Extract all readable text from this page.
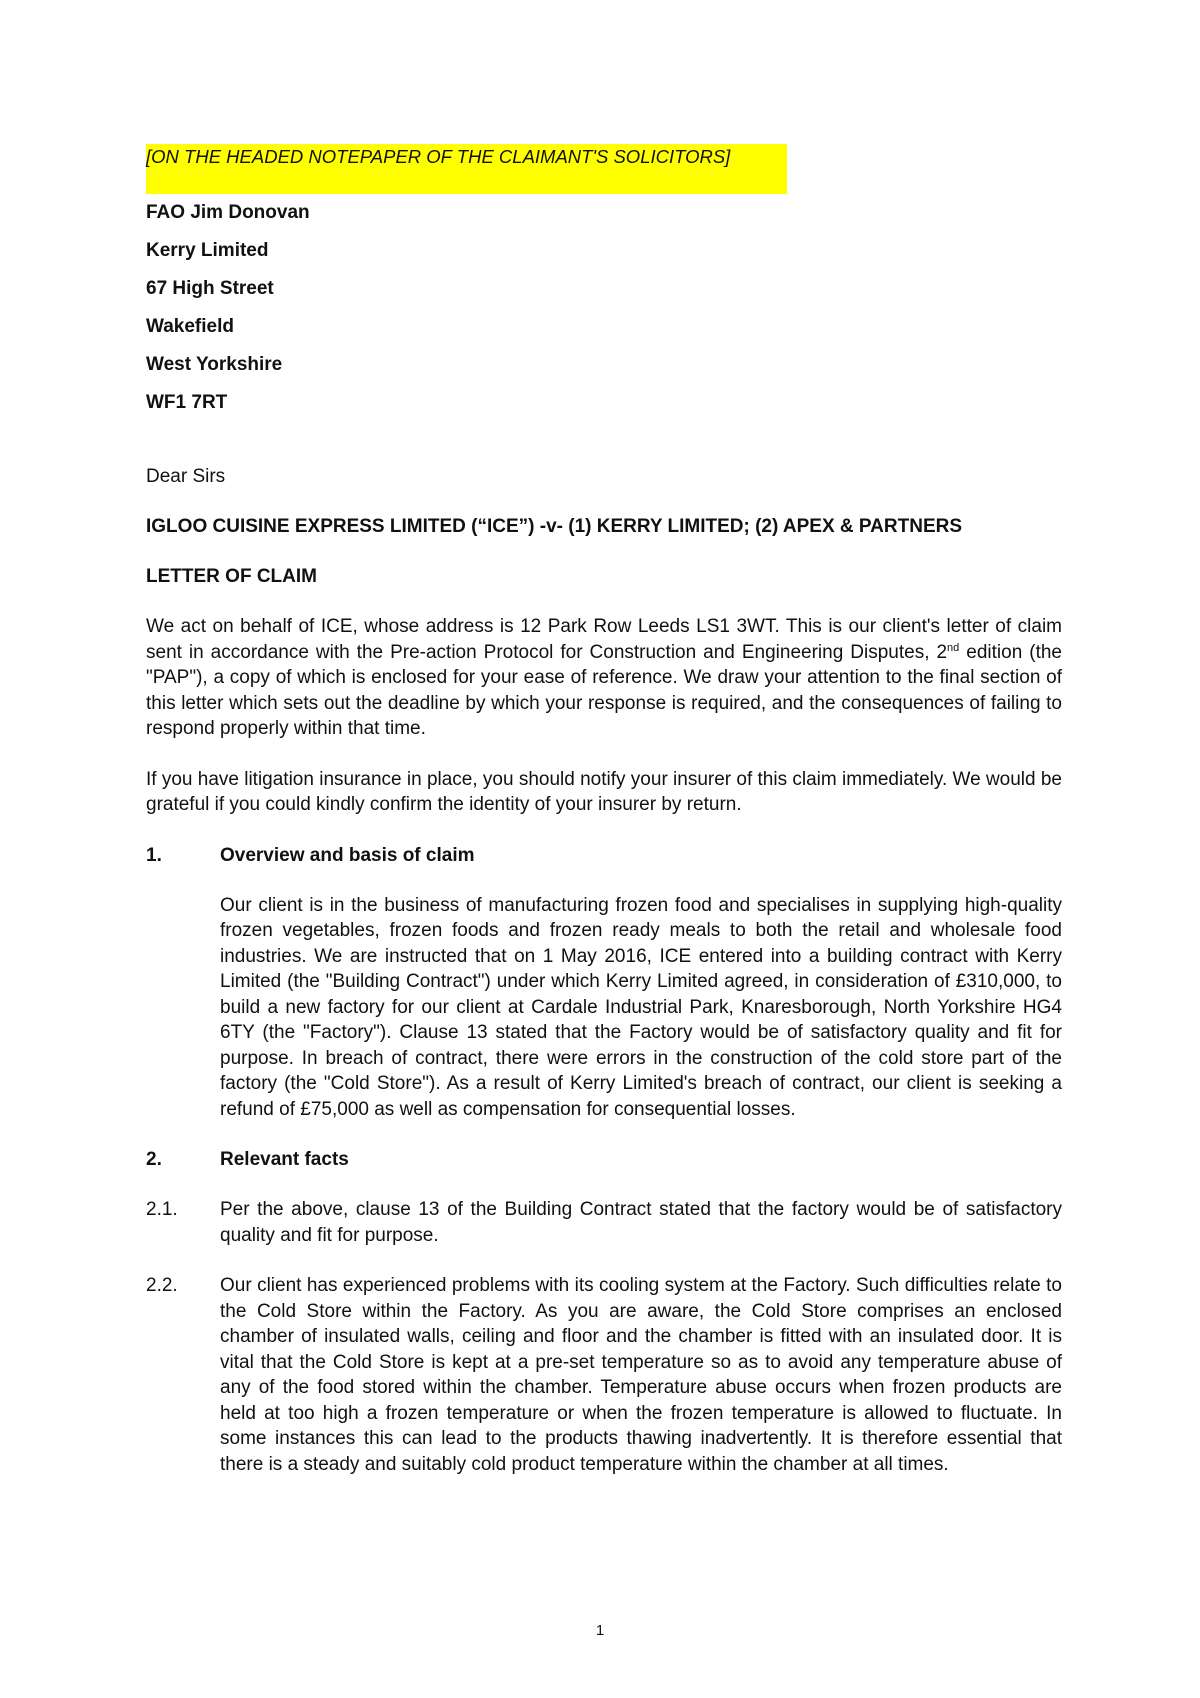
[ON THE HEADED NOTEPAPER OF THE CLAIMANT'S SOLICITORS]
FAO Jim Donovan
Kerry Limited
67 High Street
Wakefield
West Yorkshire
WF1 7RT
Dear Sirs
IGLOO CUISINE EXPRESS LIMITED (“ICE”) -v- (1) KERRY LIMITED; (2) APEX & PARTNERS
LETTER OF CLAIM

We act on behalf of ICE, whose address is 12 Park Row Leeds LS1 3WT. This is our client's letter of claim sent in accordance with the Pre-action Protocol for Construction and Engineering Disputes, 2nd edition (the "PAP"), a copy of which is enclosed for your ease of reference. We draw your attention to the final section of this letter which sets out the deadline by which your response is required, and the consequences of failing to respond properly within that time.

If you have litigation insurance in place, you should notify your insurer of this claim immediately. We would be grateful if you could kindly confirm the identity of your insurer by return.

1.	Overview and basis of claim

Our client is in the business of manufacturing frozen food and specialises in supplying high-quality frozen vegetables, frozen foods and frozen ready meals to both the retail and wholesale food industries. We are instructed that on 1 May 2016, ICE entered into a building contract with Kerry Limited (the "Building Contract") under which Kerry Limited agreed, in consideration of £310,000, to build a new factory for our client at Cardale Industrial Park, Knaresborough, North Yorkshire HG4 6TY (the "Factory"). Clause 13 stated that the Factory would be of satisfactory quality and fit for purpose. In breach of contract, there were errors in the construction of the cold store part of the factory (the "Cold Store"). As a result of Kerry Limited's breach of contract, our client is seeking a refund of £75,000 as well as compensation for consequential losses.

2.	Relevant facts
2.1.	Per the above, clause 13 of the Building Contract stated that the factory would be of satisfactory quality and fit for purpose.

2.2.	Our client has experienced problems with its cooling system at the Factory. Such difficulties relate to the Cold Store within the Factory. As you are aware, the Cold Store comprises an enclosed chamber of insulated walls, ceiling and floor and the chamber is fitted with an insulated door. It is vital that the Cold Store is kept at a pre-set temperature so as to avoid any temperature abuse of any of the food stored within the chamber. Temperature abuse occurs when frozen products are held at too high a frozen temperature or when the frozen temperature is allowed to fluctuate. In some instances this can lead to the products thawing inadvertently. It is therefore essential that there is a steady and suitably cold product temperature within the chamber at all times.

1
